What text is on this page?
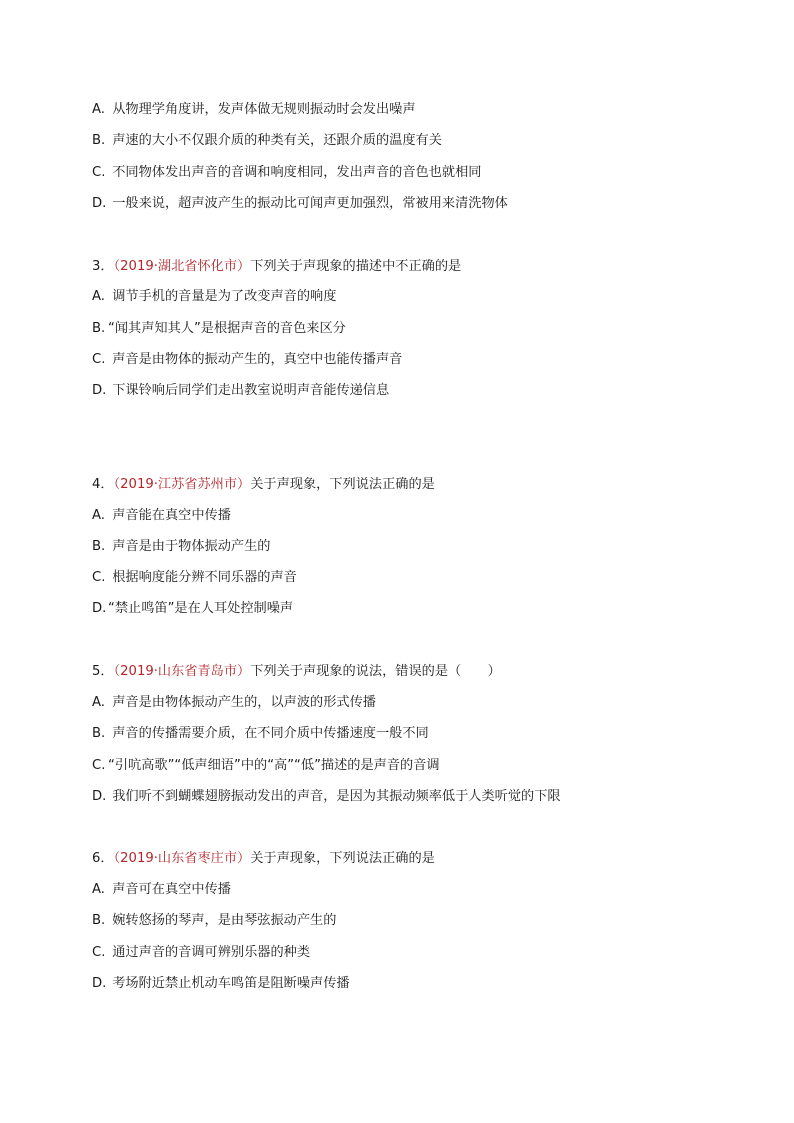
A. 从物理学角度讲，发声体做无规则振动时会发出噪声
B. 声速的大小不仅跟介质的种类有关，还跟介质的温度有关
C. 不同物体发出声音的音调和响度相同，发出声音的音色也就相同
D. 一般来说，超声波产生的振动比可闻声更加强烈，常被用来清洗物体
3．（2019·湖北省怀化市）下列关于声现象的描述中不正确的是
A. 调节手机的音量是为了改变声音的响度
B. “闻其声知其人”是根据声音的音色来区分
C. 声音是由物体的振动产生的，真空中也能传播声音
D. 下课铃响后同学们走出教室说明声音能传递信息
4．（2019·江苏省苏州市）关于声现象，下列说法正确的是
A. 声音能在真空中传播
B. 声音是由于物体振动产生的
C. 根据响度能分辨不同乐器的声音
D. “禁止鸣笛”是在人耳处控制噪声
5．（2019·山东省青岛市）下列关于声现象的说法，错误的是（　　）
A. 声音是由物体振动产生的，以声波的形式传播
B. 声音的传播需要介质，在不同介质中传播速度一般不同
C. “引吭高歌”“低声细语”中的“高”“低”描述的是声音的音调
D. 我们听不到蝴蝶翅膀振动发出的声音，是因为其振动频率低于人类听觉的下限
6．（2019·山东省枣庄市）关于声现象，下列说法正确的是
A. 声音可在真空中传播
B. 婉转悠扬的琴声，是由琴弦振动产生的
C. 通过声音的音调可辨别乐器的种类
D. 考场附近禁止机动车鸣笛是阻断噪声传播
